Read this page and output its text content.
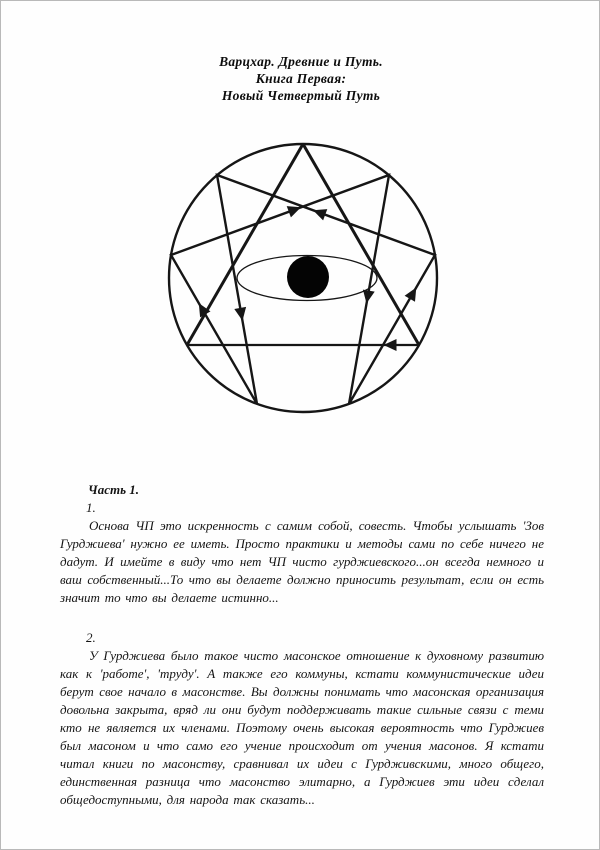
Варцхар. Древние и Путь.
Книга Первая:
Новый Четвертый Путь
Часть 1.
1.

Основа ЧП это искренность с самим собой, совесть. Чтобы услышать 'Зов Гурджиева' нужно ее иметь. Просто практики и методы сами по себе ничего не дадут. И имейте в виду что нет ЧП чисто гурджиевского...он всегда немного и ваш собственный...То что вы делаете должно приносить результат, если он есть значит то что вы делаете истинно...

2.

У Гурджиева было такое чисто масонское отношение к духовному развитию как к 'работе', 'труду'. А также его коммуны, кстати коммунистические идеи берут свое начало в масонстве. Вы должны понимать что масонская организация довольна закрыта, вряд ли они будут поддерживать такие сильные связи с теми кто не является их членами. Поэтому очень высокая вероятность что Гурджиев был масоном и что само его учение происходит от учения масонов. Я кстати читал книги по масонству, сравнивал их идеи с Гурдживскими, много общего, единственная разница что масонство элитарно, а Гурджиев эти идеи сделал общедоступными, для народа так сказать...
